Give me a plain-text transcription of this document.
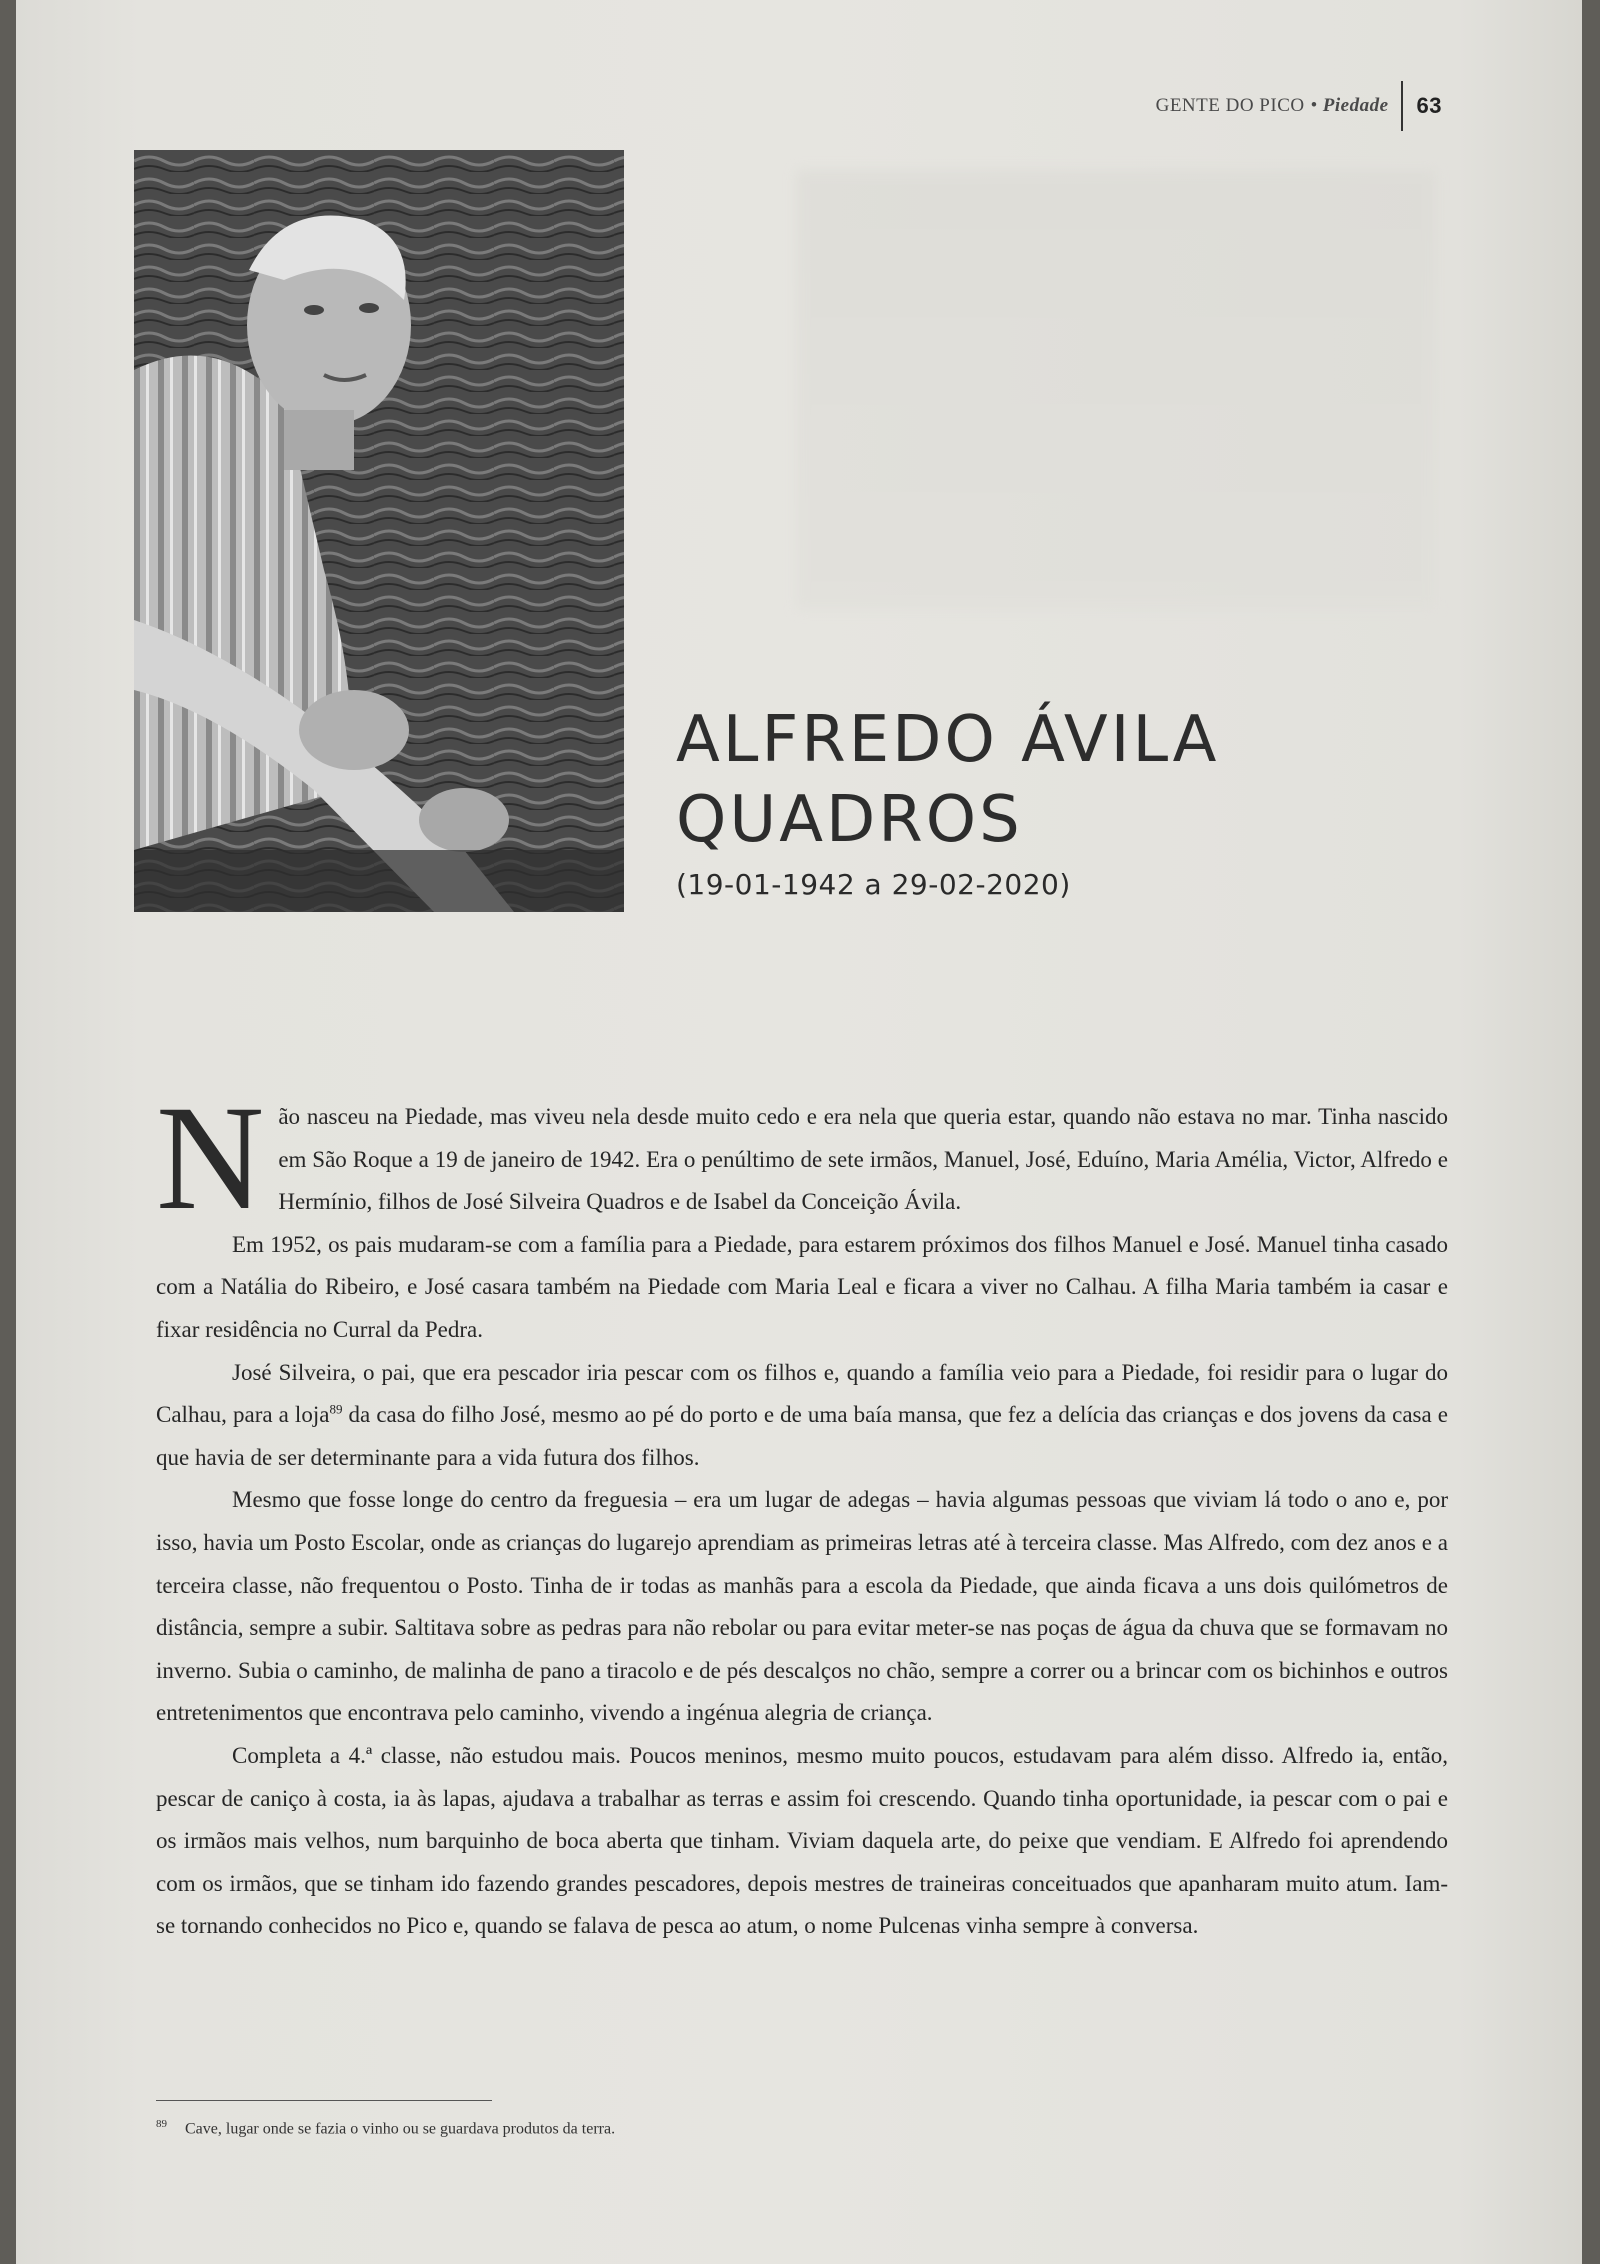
GENTE DO PICO • Piedade 63
ALFREDO ÁVILA
QUADROS
(19-01-1942 a 29-02-2020)

Não nasceu na Piedade, mas viveu nela desde muito cedo e era nela que queria estar, quando não estava no mar. Tinha nascido em São Roque a 19 de janeiro de 1942. Era o penúltimo de sete irmãos, Manuel, José, Eduíno, Maria Amélia, Victor, Alfredo e Hermínio, filhos de José Silveira Quadros e de Isabel da Conceição Ávila.

Em 1952, os pais mudaram-se com a família para a Piedade, para estarem próximos dos filhos Manuel e José. Manuel tinha casado com a Natália do Ribeiro, e José casara também na Piedade com Maria Leal e ficara a viver no Calhau. A filha Maria também ia casar e fixar residência no Curral da Pedra.

José Silveira, o pai, que era pescador iria pescar com os filhos e, quando a família veio para a Piedade, foi residir para o lugar do Calhau, para a loja$^{89}$ da casa do filho José, mesmo ao pé do porto e de uma baía mansa, que fez a delícia das crianças e dos jovens da casa e que havia de ser determinante para a vida futura dos filhos.

Mesmo que fosse longe do centro da freguesia – era um lugar de adegas – havia algumas pessoas que viviam lá todo o ano e, por isso, havia um Posto Escolar, onde as crianças do lugarejo aprendiam as primeiras letras até à terceira classe. Mas Alfredo, com dez anos e a terceira classe, não frequentou o Posto. Tinha de ir todas as manhãs para a escola da Piedade, que ainda ficava a uns dois quilómetros de distância, sempre a subir. Saltitava sobre as pedras para não rebolar ou para evitar meter-se nas poças de água da chuva que se formavam no inverno. Subia o caminho, de malinha de pano a tiracolo e de pés descalços no chão, sempre a correr ou a brincar com os bichinhos e outros entretenimentos que encontrava pelo caminho, vivendo a ingénua alegria de criança.

Completa a 4.ª classe, não estudou mais. Poucos meninos, mesmo muito poucos, estudavam para além disso. Alfredo ia, então, pescar de caniço à costa, ia às lapas, ajudava a trabalhar as terras e assim foi crescendo. Quando tinha oportunidade, ia pescar com o pai e os irmãos mais velhos, num barquinho de boca aberta que tinham. Viviam daquela arte, do peixe que vendiam. E Alfredo foi aprendendo com os irmãos, que se tinham ido fazendo grandes pescadores, depois mestres de traineiras conceituados que apanharam muito atum. Iam-se tornando conhecidos no Pico e, quando se falava de pesca ao atum, o nome Pulcenas vinha sempre à conversa.

$^{89}$ Cave, lugar onde se fazia o vinho ou se guardava produtos da terra.
